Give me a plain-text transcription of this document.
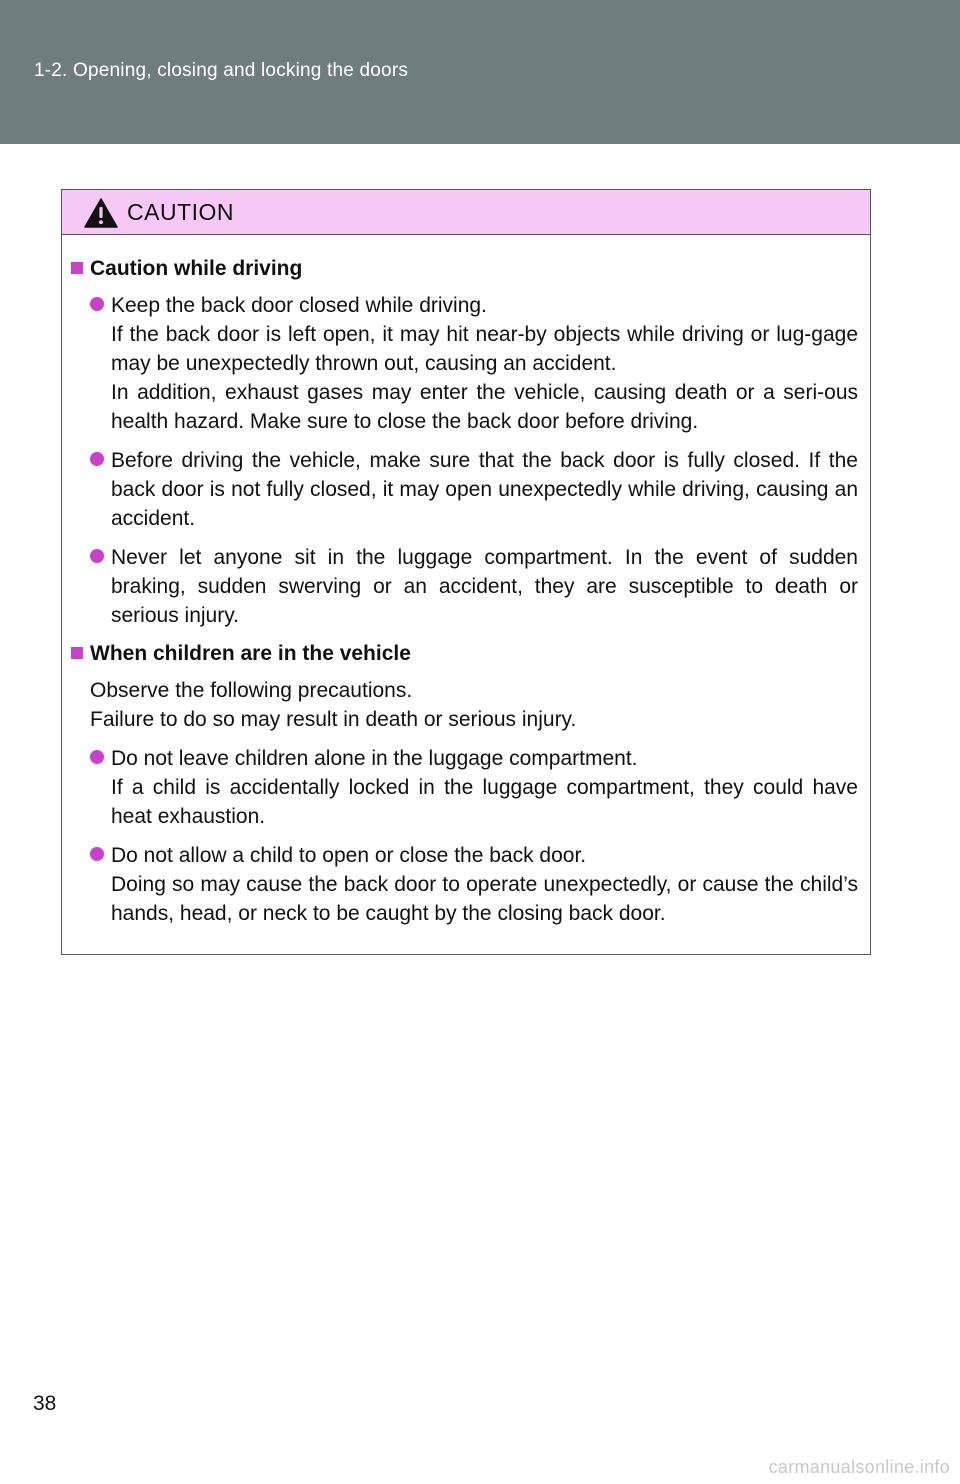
1-2. Opening, closing and locking the doors
CAUTION
Caution while driving
Keep the back door closed while driving.
If the back door is left open, it may hit near-by objects while driving or lug-gage may be unexpectedly thrown out, causing an accident.
In addition, exhaust gases may enter the vehicle, causing death or a seri-ous health hazard. Make sure to close the back door before driving.
Before driving the vehicle, make sure that the back door is fully closed. If the back door is not fully closed, it may open unexpectedly while driving, causing an accident.
Never let anyone sit in the luggage compartment. In the event of sudden braking, sudden swerving or an accident, they are susceptible to death or serious injury.
When children are in the vehicle
Observe the following precautions.
Failure to do so may result in death or serious injury.
Do not leave children alone in the luggage compartment.
If a child is accidentally locked in the luggage compartment, they could have heat exhaustion.
Do not allow a child to open or close the back door.
Doing so may cause the back door to operate unexpectedly, or cause the child’s hands, head, or neck to be caught by the closing back door.
38
carmanualsonline.info
